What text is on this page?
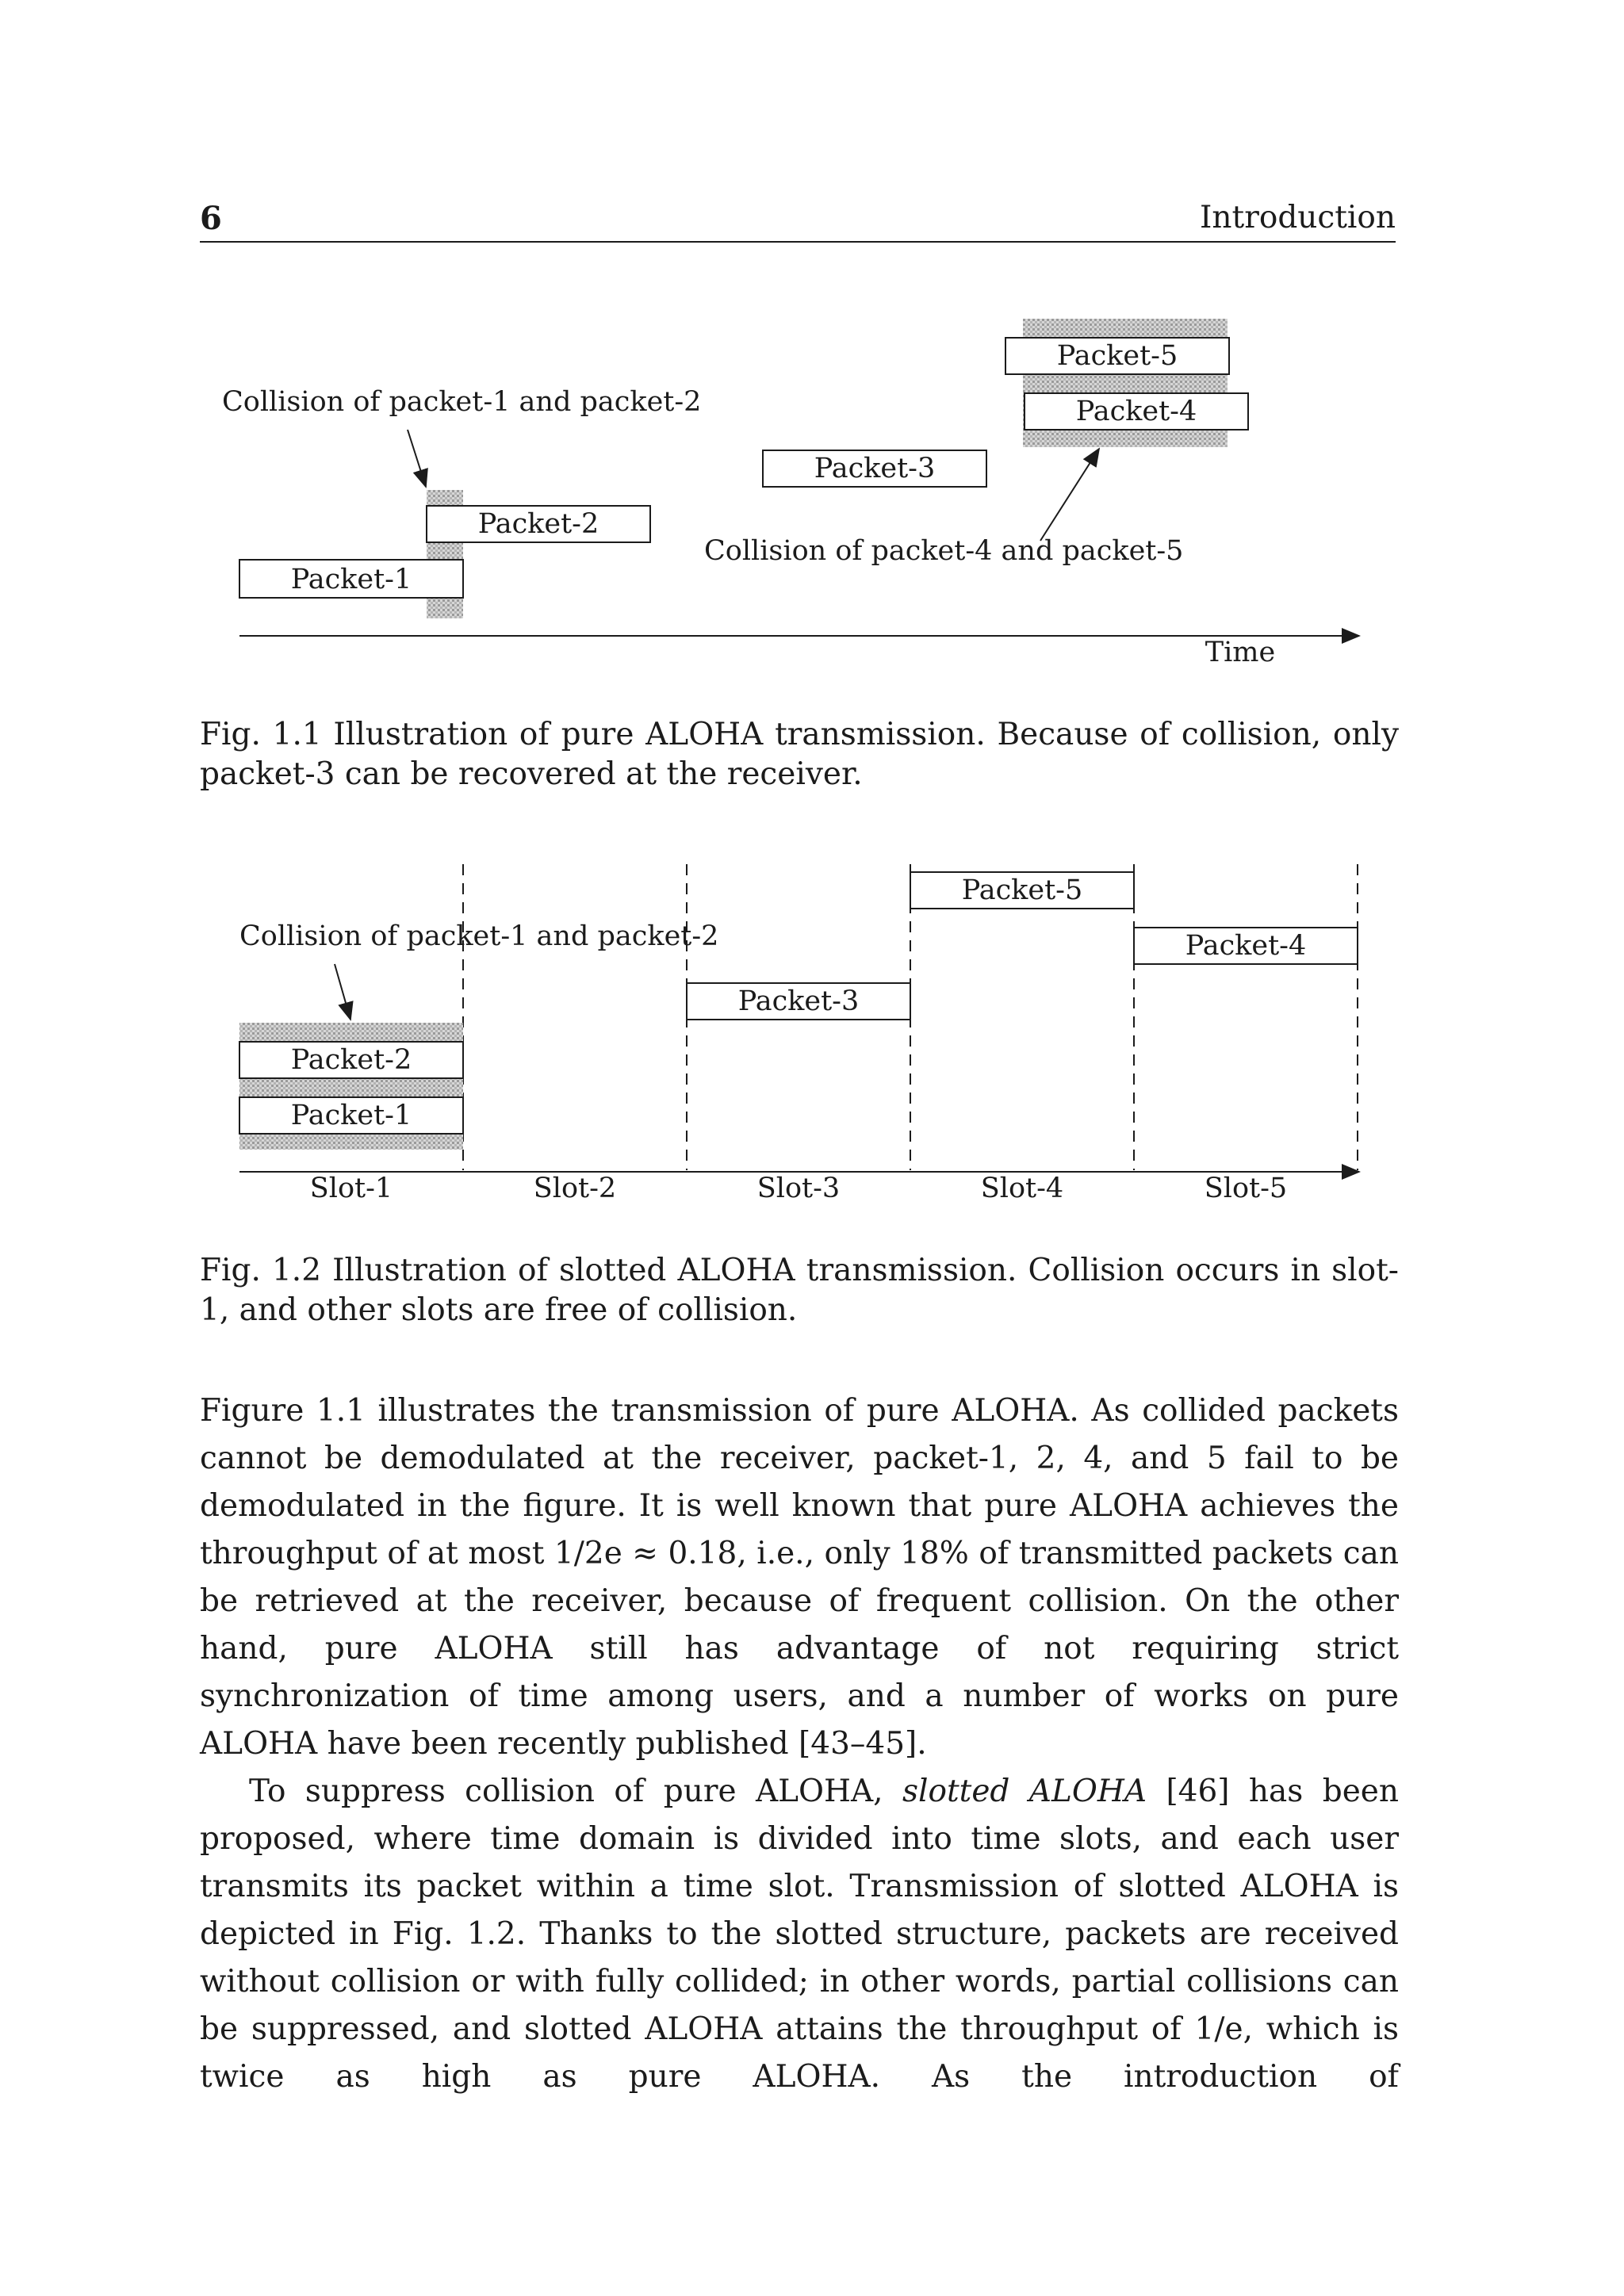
6	Introduction
Packet-1
Packet-2
Packet-3
Packet-5
Packet-4
Collision of packet-1 and packet-2
Collision of packet-4 and packet-5
Time
Fig. 1.1 Illustration of pure ALOHA transmission. Because of collision, only packet-3 can be recovered at the receiver.
Packet-2
Packet-1
Packet-3
Packet-5
Packet-4
Collision of packet-1 and packet-2
Slot-1	Slot-2	Slot-3	Slot-4	Slot-5
Fig. 1.2 Illustration of slotted ALOHA transmission. Collision occurs in slot-1, and other slots are free of collision.

Figure 1.1 illustrates the transmission of pure ALOHA. As collided packets cannot be demodulated at the receiver, packet-1, 2, 4, and 5 fail to be demodulated in the figure. It is well known that pure ALOHA achieves the throughput of at most 1/2e ≈ 0.18, i.e., only 18% of transmitted packets can be retrieved at the receiver, because of frequent collision. On the other hand, pure ALOHA still has advantage of not requiring strict synchronization of time among users, and a number of works on pure ALOHA have been recently published [43–45].

To suppress collision of pure ALOHA, slotted ALOHA [46] has been proposed, where time domain is divided into time slots, and each user transmits its packet within a time slot. Transmission of slotted ALOHA is depicted in Fig. 1.2. Thanks to the slotted structure, packets are received without collision or with fully collided; in other words, partial collisions can be suppressed, and slotted ALOHA attains the throughput of 1/e, which is twice as high as pure ALOHA. As the introduction of
